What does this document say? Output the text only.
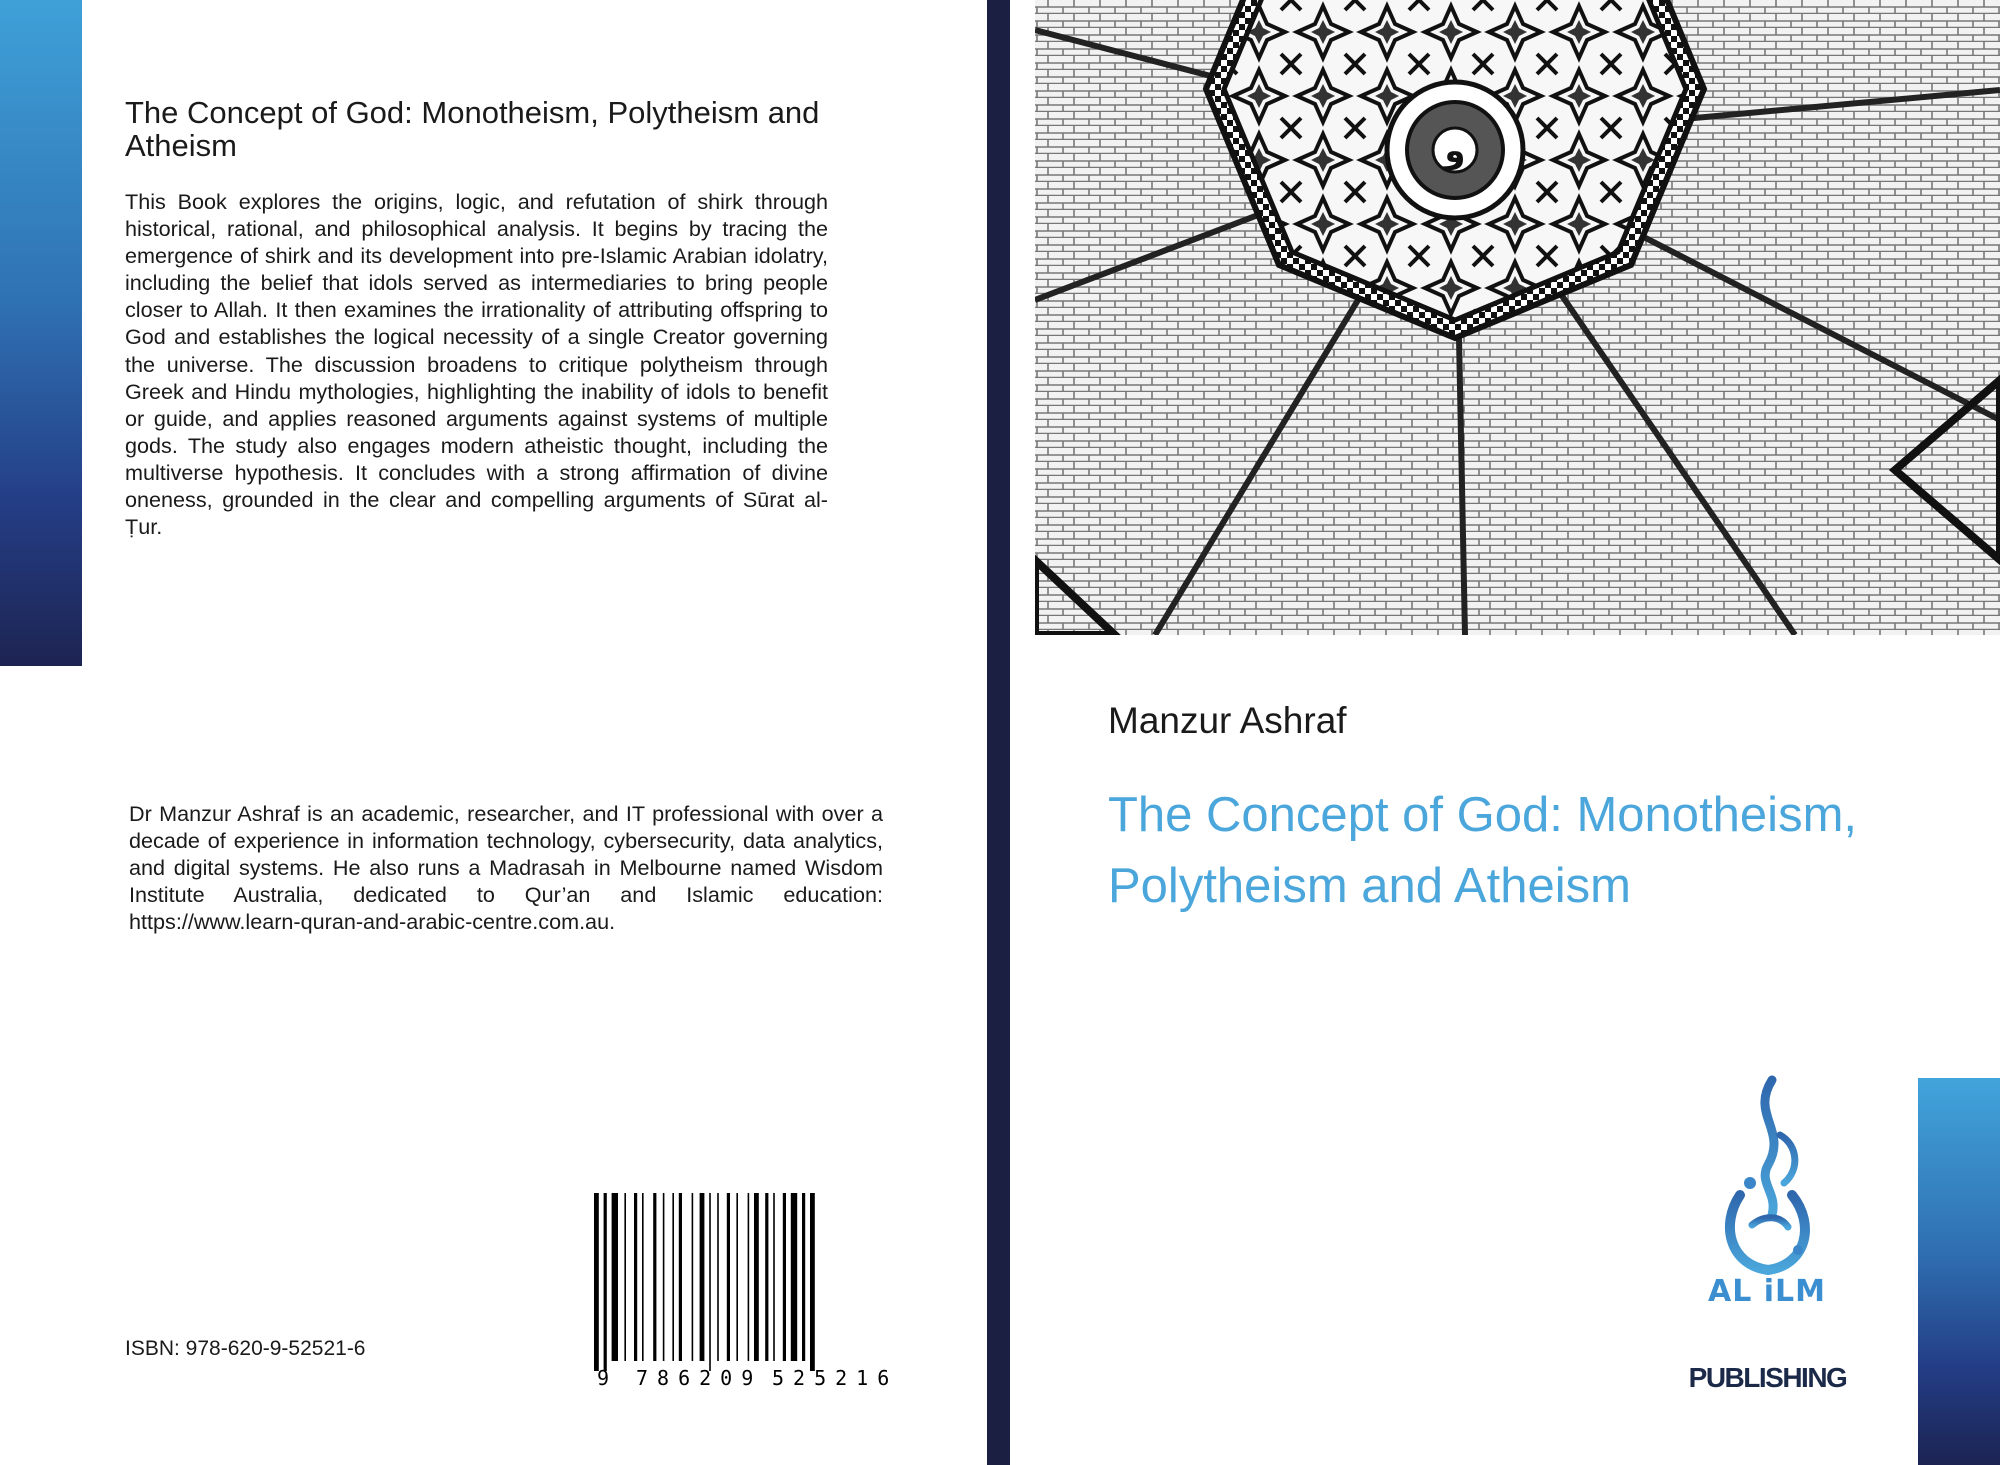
The Concept of God: Monotheism, Polytheism and Atheism
This Book explores the origins, logic, and refutation of shirk through historical, rational, and philosophical analysis. It begins by tracing the emergence of shirk and its development into pre-Islamic Arabian idolatry, including the belief that idols served as intermediaries to bring people closer to Allah. It then examines the irrationality of attributing offspring to God and establishes the logical necessity of a single Creator governing the universe. The discussion broadens to critique polytheism through Greek and Hindu mythologies, highlighting the inability of idols to benefit or guide, and applies reasoned arguments against systems of multiple gods. The study also engages modern atheistic thought, including the multiverse hypothesis. It concludes with a strong affirmation of divine oneness, grounded in the clear and compelling arguments of Sūrat al-Ṭur.
Dr Manzur Ashraf is an academic, researcher, and IT professional with over a decade of experience in information technology, cybersecurity, data analytics, and digital systems. He also runs a Madrasah in Melbourne named Wisdom Institute Australia, dedicated to Qur’an and Islamic education: https://www.learn-quran-and-arabic-centre.com.au.
9 786209 525216
ISBN: 978-620-9-52521-6
و
Manzur Ashraf
The Concept of God: Monotheism, Polytheism and Atheism
AL iLM
PUBLISHING
